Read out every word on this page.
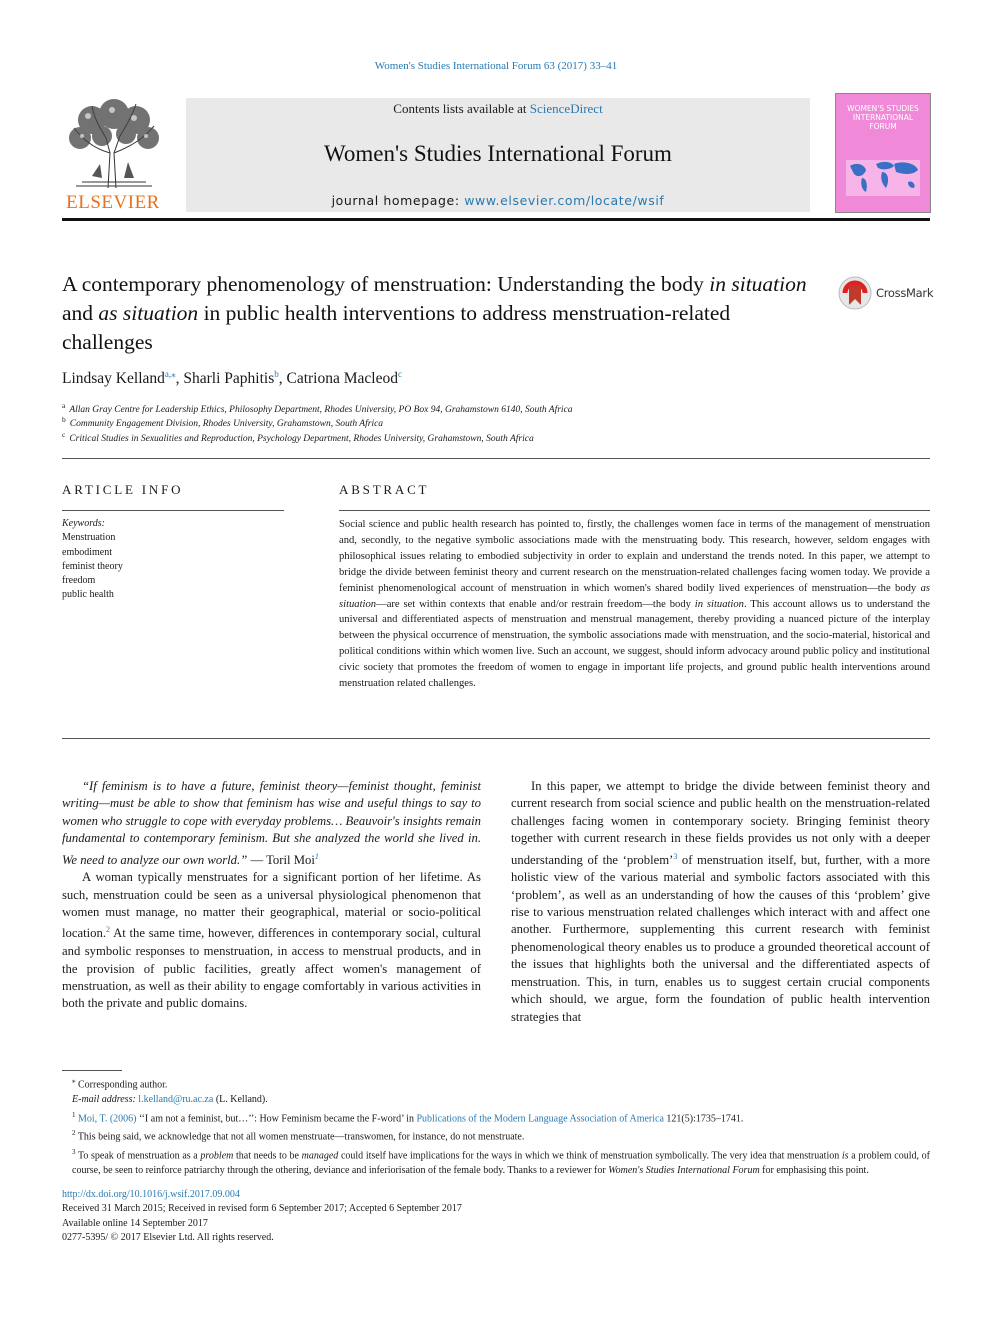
Women's Studies International Forum 63 (2017) 33–41
ELSEVIER
Contents lists available at ScienceDirect
Women's Studies International Forum
journal homepage: www.elsevier.com/locate/wsif
WOMEN'S STUDIES INTERNATIONAL FORUM
A contemporary phenomenology of menstruation: Understanding the body in situation and as situation in public health interventions to address menstruation-related challenges
CrossMark
Lindsay Kelland$^{a,⁎}$, Sharli Paphitis$^b$, Catriona Macleod$^c$
$^a$ Allan Gray Centre for Leadership Ethics, Philosophy Department, Rhodes University, PO Box 94, Grahamstown 6140, South Africa
$^b$ Community Engagement Division, Rhodes University, Grahamstown, South Africa
$^c$ Critical Studies in Sexualities and Reproduction, Psychology Department, Rhodes University, Grahamstown, South Africa
ARTICLE INFO
Keywords:
Menstruation
embodiment
feminist theory
freedom
public health
ABSTRACT
Social science and public health research has pointed to, firstly, the challenges women face in terms of the management of menstruation and, secondly, to the negative symbolic associations made with the menstruating body. This research, however, seldom engages with philosophical issues relating to embodied subjectivity in order to explain and understand the trends noted. In this paper, we attempt to bridge the divide between feminist theory and current research on the menstruation-related challenges facing women today. We provide a feminist phenomenological account of menstruation in which women's shared bodily lived experiences of menstruation—the body as situation—are set within contexts that enable and/or restrain freedom—the body in situation. This account allows us to understand the universal and differentiated aspects of menstruation and menstrual management, thereby providing a nuanced picture of the interplay between the physical occurrence of menstruation, the symbolic associations made with menstruation, and the socio-material, historical and political conditions within which women live. Such an account, we suggest, should inform advocacy around public policy and institutional civic society that promotes the freedom of women to engage in important life projects, and ground public health interventions around menstruation related challenges.

“If feminism is to have a future, feminist theory—feminist thought, feminist writing—must be able to show that feminism has wise and useful things to say to women who struggle to cope with everyday problems… Beauvoir's insights remain fundamental to contemporary feminism. But she analyzed the world she lived in. We need to analyze our own world.” — Toril Moi$^1$

A woman typically menstruates for a significant portion of her lifetime. As such, menstruation could be seen as a universal physiological phenomenon that women must manage, no matter their geographical, material or socio-political location.$^2$ At the same time, however, differences in contemporary social, cultural and symbolic responses to menstruation, in access to menstrual products, and in the provision of public facilities, greatly affect women's management of menstruation, as well as their ability to engage comfortably in various activities in both the private and public domains.

In this paper, we attempt to bridge the divide between feminist theory and current research from social science and public health on the menstruation-related challenges facing women in contemporary society. Bringing feminist theory together with current research in these fields provides us not only with a deeper understanding of the ‘problem’$^3$ of menstruation itself, but, further, with a more holistic view of the various material and symbolic factors associated with this ‘problem’, as well as an understanding of how the causes of this ‘problem’ give rise to various menstruation related challenges which interact with and affect one another. Furthermore, supplementing this current research with feminist phenomenological theory enables us to produce a grounded theoretical account of the issues that highlights both the universal and the differentiated aspects of menstruation. This, in turn, enables us to suggest certain crucial components which should, we argue, form the foundation of public health intervention strategies that

⁎ Corresponding author.

E-mail address: l.kelland@ru.ac.za (L. Kelland).

$^1$ Moi, T. (2006) ‘‘I am not a feminist, but…’’: How Feminism became the F-word’ in Publications of the Modern Language Association of America 121(5):1735–1741.

$^2$ This being said, we acknowledge that not all women menstruate—transwomen, for instance, do not menstruate.

$^3$ To speak of menstruation as a problem that needs to be managed could itself have implications for the ways in which we think of menstruation symbolically. The very idea that menstruation is a problem could, of course, be seen to reinforce patriarchy through the othering, deviance and inferiorisation of the female body. Thanks to a reviewer for Women's Studies International Forum for emphasising this point.

http://dx.doi.org/10.1016/j.wsif.2017.09.004
Received 31 March 2015; Received in revised form 6 September 2017; Accepted 6 September 2017
Available online 14 September 2017
0277-5395/ © 2017 Elsevier Ltd. All rights reserved.
